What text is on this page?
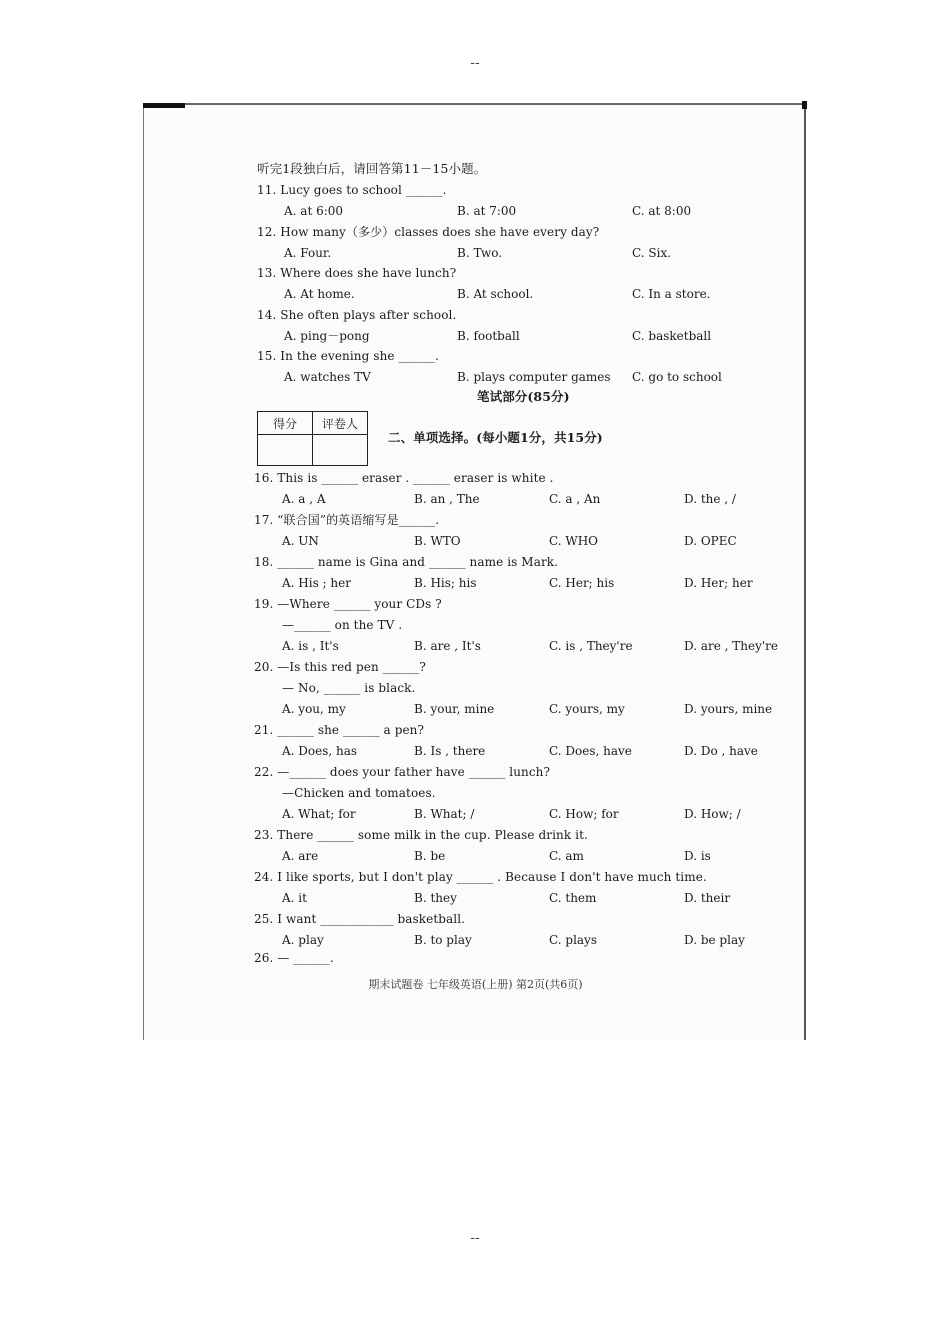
--
听完1段独白后，请回答第11－15小题。
11. Lucy goes to school ______.
A. at 6:00	B. at 7:00	C. at 8:00
12. How many（多少）classes does she have every day?
A. Four.	B. Two.	C. Six.
13. Where does she have lunch?
A. At home.	B. At school.	C. In a store.
14. She often plays after school.
A. ping－pong	B. football	C. basketball
15. In the evening she ______.
A. watches TV	B. plays computer games C. go to school
笔试部分(85分)
得分	评卷人

二、单项选择。(每小题1分，共15分)
16. This is ______ eraser . ______ eraser is white .
A. a , A	B. an , The	C. a , An	D. the , /
17. “联合国”的英语缩写是______.
A. UN	B. WTO	C. WHO	D. OPEC
18. ______ name is Gina and ______ name is Mark.
A. His ; her	B. His; his	C. Her; his	D. Her; her
19. —Where ______ your CDs ?
—______ on the TV .
A. is , It's	B. are , It's	C. is , They're	D. are , They're
20. —Is this red pen ______?
— No, ______ is black.
A. you, my	B. your, mine	C. yours, my	D. yours, mine
21. ______ she ______ a pen?
A. Does, has	B. Is , there	C. Does, have	D. Do , have
22. —______ does your father have ______ lunch?
—Chicken and tomatoes.
A. What; for	B. What; /	C. How; for	D. How; /
23. There ______ some milk in the cup. Please drink it.
A. are	B. be	C. am	D. is
24. I like sports, but I don't play ______ . Because I don't have much time.
A. it	B. they	C. them	D. their
25. I want ____________ basketball.
A. play	B. to play	C. plays	D. be play
26. — ______.
期末试题卷 七年级英语(上册) 第2页(共6页)
--
